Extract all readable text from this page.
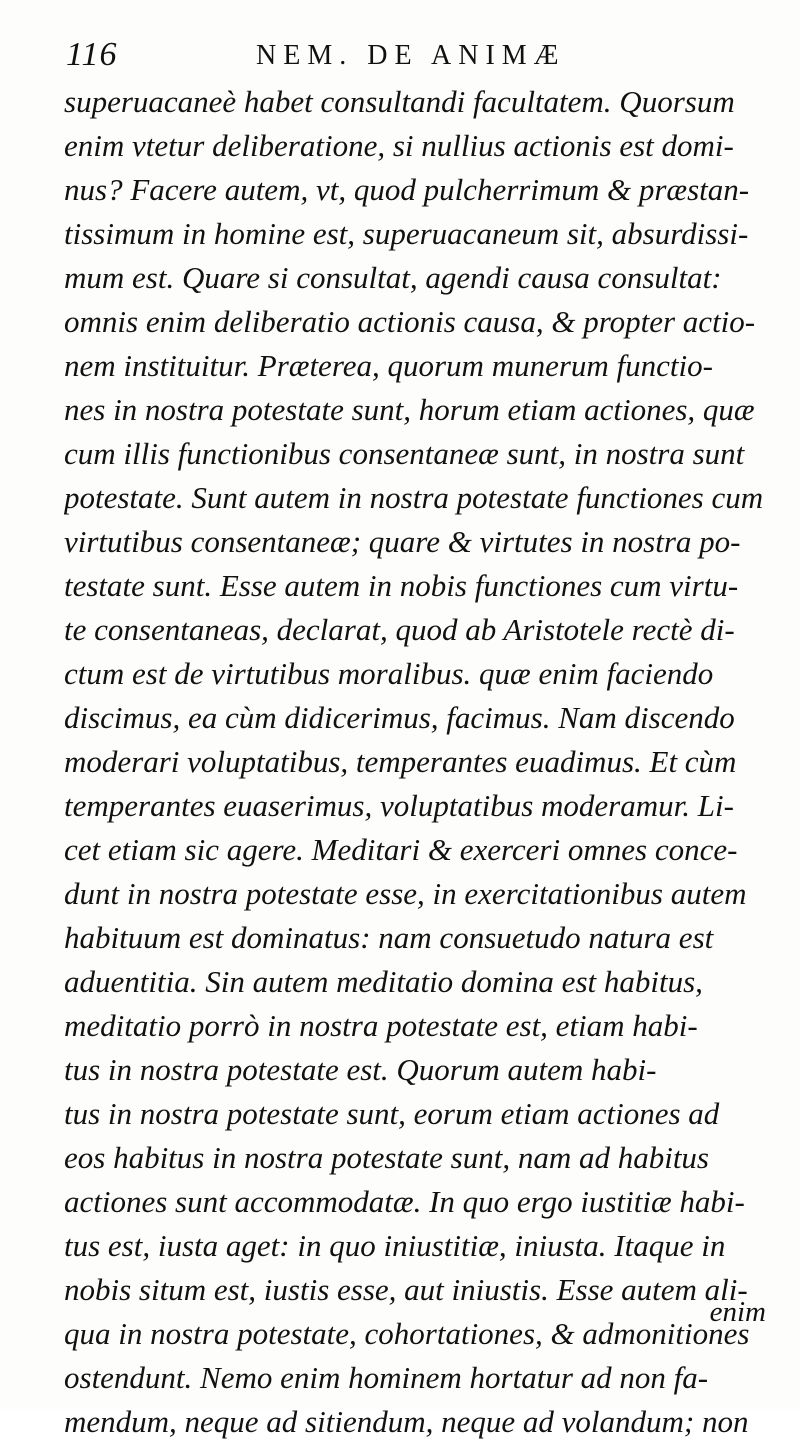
116	NEM. DE ANIMÆ
superuacaneè habet consultandi facultatem. Quorsum
enim vtetur deliberatione, si nullius actionis est domi-
nus? Facere autem, vt, quod pulcherrimum & præstan-
tissimum in homine est, superuacaneum sit, absurdissi-
mum est. Quare si consultat, agendi causa consultat:
omnis enim deliberatio actionis causa, & propter actio-
nem instituitur. Præterea, quorum munerum functio-
nes in nostra potestate sunt, horum etiam actiones, quæ
cum illis functionibus consentaneæ sunt, in nostra sunt
potestate. Sunt autem in nostra potestate functiones cum
virtutibus consentaneæ; quare & virtutes in nostra po-
testate sunt. Esse autem in nobis functiones cum virtu-
te consentaneas, declarat, quod ab Aristotele rectè di-
ctum est de virtutibus moralibus. quæ enim faciendo
discimus, ea cùm didicerimus, facimus. Nam discendo
moderari voluptatibus, temperantes euadimus. Et cùm
temperantes euaserimus, voluptatibus moderamur. Li-
cet etiam sic agere. Meditari & exerceri omnes conce-
dunt in nostra potestate esse, in exercitationibus autem
habituum est dominatus: nam consuetudo natura est
aduentitia. Sin autem meditatio domina est habitus,
meditatio porrò in nostra potestate est, etiam habi-
tus in nostra potestate est. Quorum autem habi-
tus in nostra potestate sunt, eorum etiam actiones ad
eos habitus in nostra potestate sunt, nam ad habitus
actiones sunt accommodatæ. In quo ergo iustitiæ habi-
tus est, iusta aget: in quo iniustitiæ, iniusta. Itaque in
nobis situm est, iustis esse, aut iniustis. Esse autem ali-
qua in nostra potestate, cohortationes, & admonitiones
ostendunt. Nemo enim hominem hortatur ad non fa-
mendum, neque ad sitiendum, neque ad volandum; non
enim
